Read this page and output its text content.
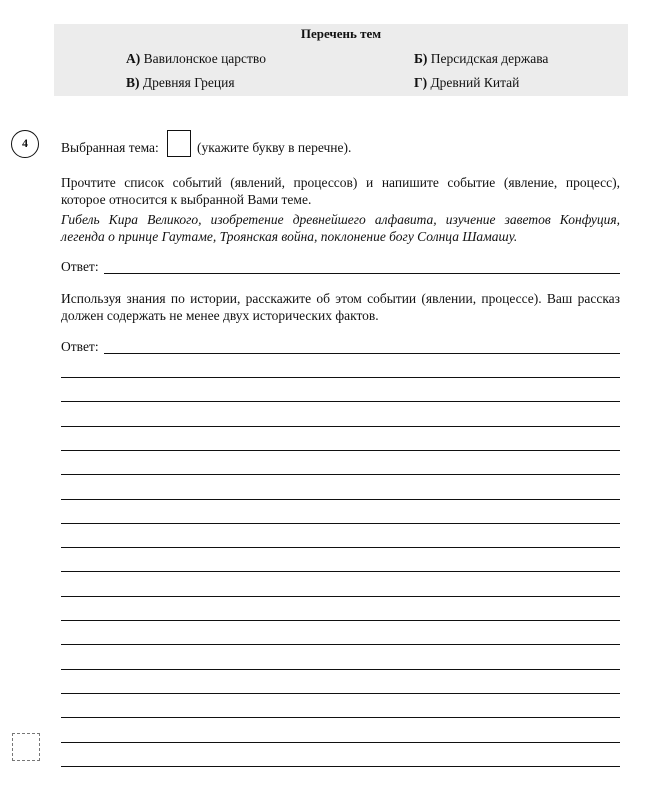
Перечень тем
А) Вавилонское царство	Б) Персидская держава
В) Древняя Греция	Г) Древний Китай
4	Выбранная тема:	(укажите букву в перечне).
Прочтите список событий (явлений, процессов) и напишите событие (явление, процесс), которое относится к выбранной Вами теме.
Гибель Кира Великого, изобретение древнейшего алфавита, изучение заветов Конфуция, легенда о принце Гаутаме, Троянская война, поклонение богу Солнца Шамашу.
Ответ:
Используя знания по истории, расскажите об этом событии (явлении, процессе). Ваш рассказ должен содержать не менее двух исторических фактов.
Ответ:
